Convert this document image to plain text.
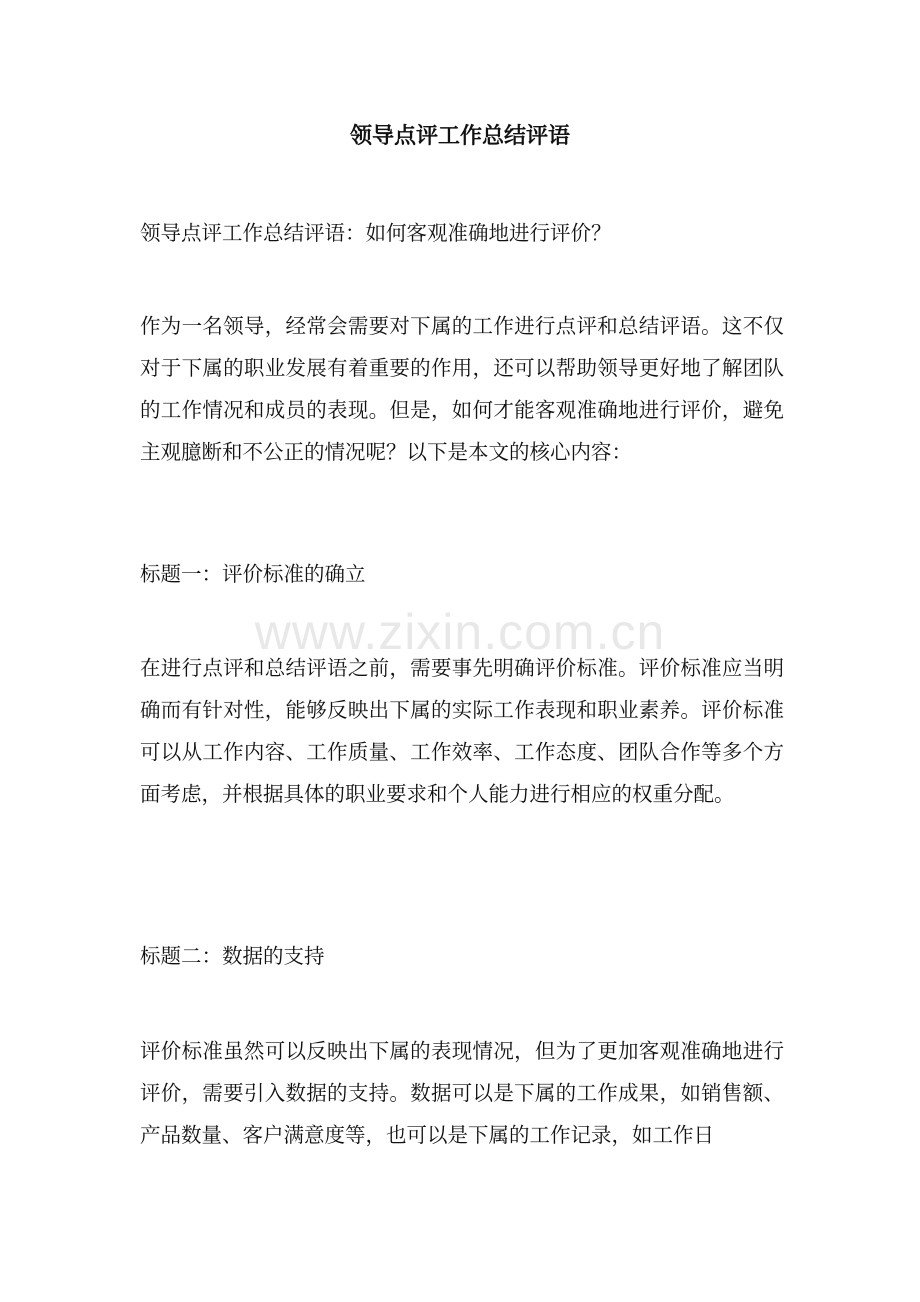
领导点评工作总结评语

领导点评工作总结评语：如何客观准确地进行评价？

作为一名领导，经常会需要对下属的工作进行点评和总结评语。这不仅对于下属的职业发展有着重要的作用，还可以帮助领导更好地了解团队的工作情况和成员的表现。但是，如何才能客观准确地进行评价，避免主观臆断和不公正的情况呢？以下是本文的核心内容：

标题一：评价标准的确立

www.zixin.com.cn

在进行点评和总结评语之前，需要事先明确评价标准。评价标准应当明确而有针对性，能够反映出下属的实际工作表现和职业素养。评价标准可以从工作内容、工作质量、工作效率、工作态度、团队合作等多个方面考虑，并根据具体的职业要求和个人能力进行相应的权重分配。

标题二：数据的支持

评价标准虽然可以反映出下属的表现情况，但为了更加客观准确地进行评价，需要引入数据的支持。数据可以是下属的工作成果，如销售额、产品数量、客户满意度等，也可以是下属的工作记录，如工作日
